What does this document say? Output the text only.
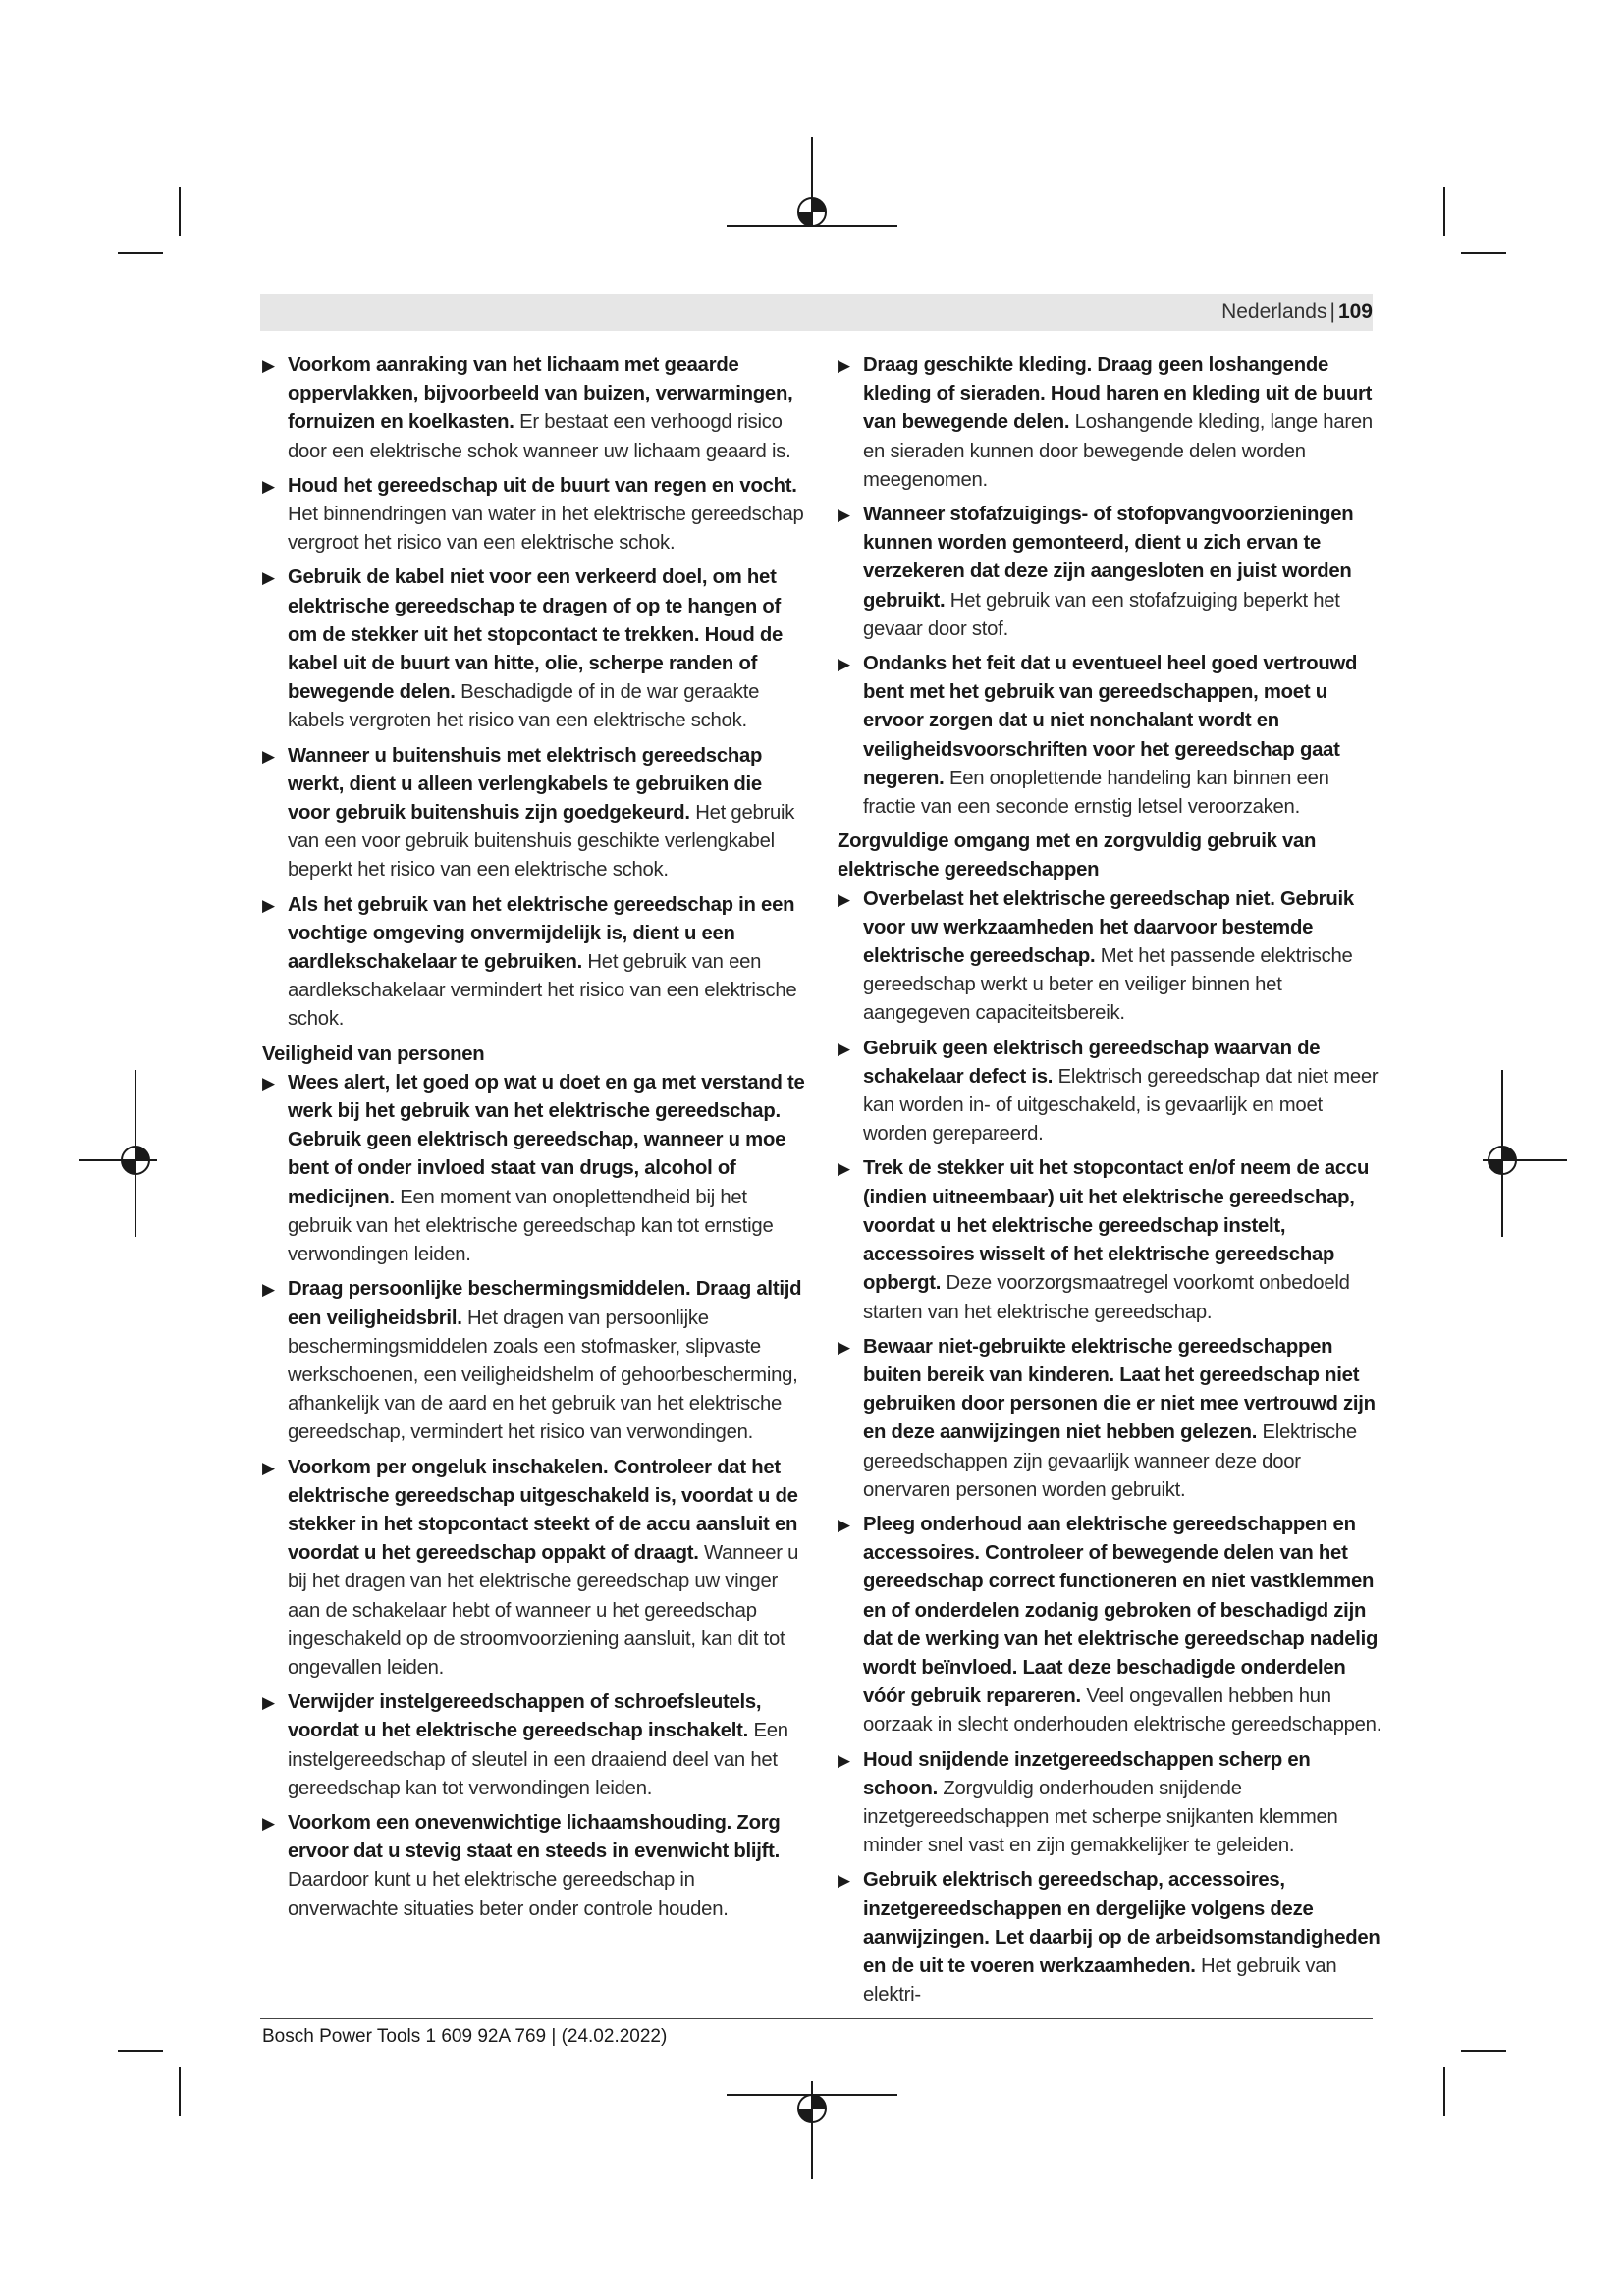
Nederlands | 109
▶ Voorkom aanraking van het lichaam met geaarde oppervlakken, bijvoorbeeld van buizen, verwarmingen, fornuizen en koelkasten. Er bestaat een verhoogd risico door een elektrische schok wanneer uw lichaam geaard is.

▶ Houd het gereedschap uit de buurt van regen en vocht. Het binnendringen van water in het elektrische gereedschap vergroot het risico van een elektrische schok.

▶ Gebruik de kabel niet voor een verkeerd doel, om het elektrische gereedschap te dragen of op te hangen of om de stekker uit het stopcontact te trekken. Houd de kabel uit de buurt van hitte, olie, scherpe randen of bewegende delen. Beschadigde of in de war geraakte kabels vergroten het risico van een elektrische schok.

▶ Wanneer u buitenshuis met elektrisch gereedschap werkt, dient u alleen verlengkabels te gebruiken die voor gebruik buitenshuis zijn goedgekeurd. Het gebruik van een voor gebruik buitenshuis geschikte verlengkabel beperkt het risico van een elektrische schok.

▶ Als het gebruik van het elektrische gereedschap in een vochtige omgeving onvermijdelijk is, dient u een aardlekschakelaar te gebruiken. Het gebruik van een aardlekschakelaar vermindert het risico van een elektrische schok.

Veiligheid van personen

▶ Wees alert, let goed op wat u doet en ga met verstand te werk bij het gebruik van het elektrische gereedschap. Gebruik geen elektrisch gereedschap, wanneer u moe bent of onder invloed staat van drugs, alcohol of medicijnen. Een moment van onoplettendheid bij het gebruik van het elektrische gereedschap kan tot ernstige verwondingen leiden.

▶ Draag persoonlijke beschermingsmiddelen. Draag altijd een veiligheidsbril. Het dragen van persoonlijke beschermingsmiddelen zoals een stofmasker, slipvaste werkschoenen, een veiligheidshelm of gehoorbescherming, afhankelijk van de aard en het gebruik van het elektrische gereedschap, vermindert het risico van verwondingen.

▶ Voorkom per ongeluk inschakelen. Controleer dat het elektrische gereedschap uitgeschakeld is, voordat u de stekker in het stopcontact steekt of de accu aansluit en voordat u het gereedschap oppakt of draagt. Wanneer u bij het dragen van het elektrische gereedschap uw vinger aan de schakelaar hebt of wanneer u het gereedschap ingeschakeld op de stroomvoorziening aansluit, kan dit tot ongevallen leiden.

▶ Verwijder instelgereedschappen of schroefsleutels, voordat u het elektrische gereedschap inschakelt. Een instelgereedschap of sleutel in een draaiend deel van het gereedschap kan tot verwondingen leiden.

▶ Voorkom een onevenwichtige lichaamshouding. Zorg ervoor dat u stevig staat en steeds in evenwicht blijft. Daardoor kunt u het elektrische gereedschap in onverwachte situaties beter onder controle houden.

▶ Draag geschikte kleding. Draag geen loshangende kleding of sieraden. Houd haren en kleding uit de buurt van bewegende delen. Loshangende kleding, lange haren en sieraden kunnen door bewegende delen worden meegenomen.

▶ Wanneer stofafzuigings- of stofopvangvoorzieningen kunnen worden gemonteerd, dient u zich ervan te verzekeren dat deze zijn aangesloten en juist worden gebruikt. Het gebruik van een stofafzuiging beperkt het gevaar door stof.

▶ Ondanks het feit dat u eventueel heel goed vertrouwd bent met het gebruik van gereedschappen, moet u ervoor zorgen dat u niet nonchalant wordt en veiligheidsvoorschriften voor het gereedschap gaat negeren. Een onoplettende handeling kan binnen een fractie van een seconde ernstig letsel veroorzaken.

Zorgvuldige omgang met en zorgvuldig gebruik van elektrische gereedschappen

▶ Overbelast het elektrische gereedschap niet. Gebruik voor uw werkzaamheden het daarvoor bestemde elektrische gereedschap. Met het passende elektrische gereedschap werkt u beter en veiliger binnen het aangegeven capaciteitsbereik.

▶ Gebruik geen elektrisch gereedschap waarvan de schakelaar defect is. Elektrisch gereedschap dat niet meer kan worden in- of uitgeschakeld, is gevaarlijk en moet worden gerepareerd.

▶ Trek de stekker uit het stopcontact en/of neem de accu (indien uitneembaar) uit het elektrische gereedschap, voordat u het elektrische gereedschap instelt, accessoires wisselt of het elektrische gereedschap opbergt. Deze voorzorgsmaatregel voorkomt onbedoeld starten van het elektrische gereedschap.

▶ Bewaar niet-gebruikte elektrische gereedschappen buiten bereik van kinderen. Laat het gereedschap niet gebruiken door personen die er niet mee vertrouwd zijn en deze aanwijzingen niet hebben gelezen. Elektrische gereedschappen zijn gevaarlijk wanneer deze door onervaren personen worden gebruikt.

▶ Pleeg onderhoud aan elektrische gereedschappen en accessoires. Controleer of bewegende delen van het gereedschap correct functioneren en niet vastklemmen en of onderdelen zodanig gebroken of beschadigd zijn dat de werking van het elektrische gereedschap nadelig wordt beïnvloed. Laat deze beschadigde onderdelen vóór gebruik repareren. Veel ongevallen hebben hun oorzaak in slecht onderhouden elektrische gereedschappen.

▶ Houd snijdende inzetgereedschappen scherp en schoon. Zorgvuldig onderhouden snijdende inzetgereedschappen met scherpe snijkanten klemmen minder snel vast en zijn gemakkelijker te geleiden.

▶ Gebruik elektrisch gereedschap, accessoires, inzetgereedschappen en dergelijke volgens deze aanwijzingen. Let daarbij op de arbeidsomstandigheden en de uit te voeren werkzaamheden. Het gebruik van elektri-

Bosch Power Tools 1 609 92A 769 | (24.02.2022)
